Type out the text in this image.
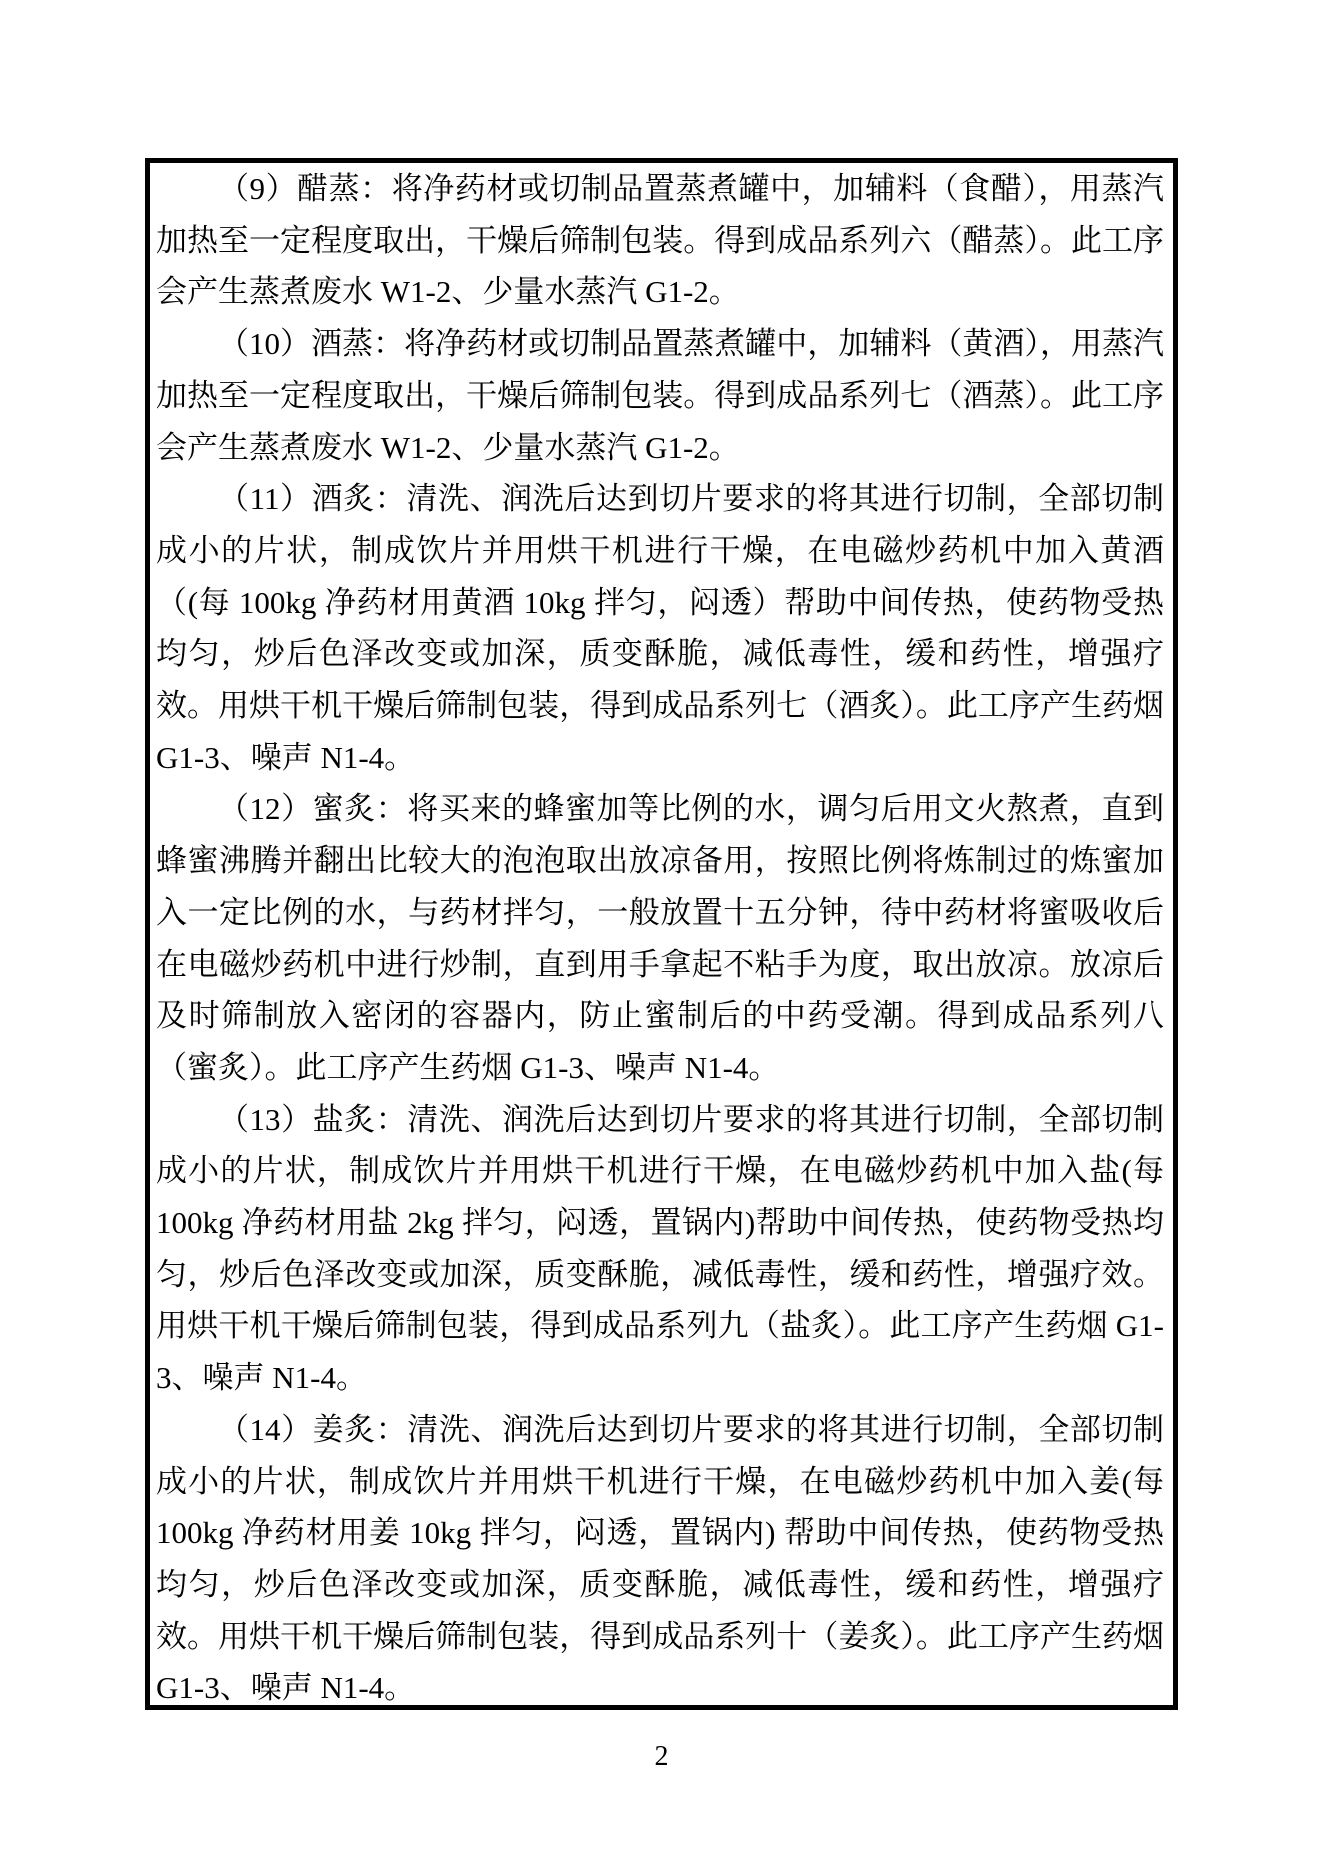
（9）醋蒸：将净药材或切制品置蒸煮罐中，加辅料（食醋），用蒸汽加热至一定程度取出，干燥后筛制包装。得到成品系列六（醋蒸）。此工序会产生蒸煮废水 W1-2、少量水蒸汽 G1-2。

（10）酒蒸：将净药材或切制品置蒸煮罐中，加辅料（黄酒），用蒸汽加热至一定程度取出，干燥后筛制包装。得到成品系列七（酒蒸）。此工序会产生蒸煮废水 W1-2、少量水蒸汽 G1-2。

（11）酒炙：清洗、润洗后达到切片要求的将其进行切制，全部切制成小的片状，制成饮片并用烘干机进行干燥，在电磁炒药机中加入黄酒（(每 100kg 净药材用黄酒 10kg 拌匀，闷透）帮助中间传热，使药物受热均匀，炒后色泽改变或加深，质变酥脆，减低毒性，缓和药性，增强疗效。用烘干机干燥后筛制包装，得到成品系列七（酒炙）。此工序产生药烟 G1-3、噪声 N1-4。

（12）蜜炙：将买来的蜂蜜加等比例的水，调匀后用文火熬煮，直到蜂蜜沸腾并翻出比较大的泡泡取出放凉备用，按照比例将炼制过的炼蜜加入一定比例的水，与药材拌匀，一般放置十五分钟，待中药材将蜜吸收后在电磁炒药机中进行炒制，直到用手拿起不粘手为度，取出放凉。放凉后及时筛制放入密闭的容器内，防止蜜制后的中药受潮。得到成品系列八（蜜炙）。此工序产生药烟 G1-3、噪声 N1-4。

（13）盐炙：清洗、润洗后达到切片要求的将其进行切制，全部切制成小的片状，制成饮片并用烘干机进行干燥，在电磁炒药机中加入盐(每 100kg 净药材用盐 2kg 拌匀，闷透，置锅内)帮助中间传热，使药物受热均匀，炒后色泽改变或加深，质变酥脆，减低毒性，缓和药性，增强疗效。用烘干机干燥后筛制包装，得到成品系列九（盐炙）。此工序产生药烟 G1-3、噪声 N1-4。

（14）姜炙：清洗、润洗后达到切片要求的将其进行切制，全部切制成小的片状，制成饮片并用烘干机进行干燥，在电磁炒药机中加入姜(每 100kg 净药材用姜 10kg 拌匀，闷透，置锅内) 帮助中间传热，使药物受热均匀，炒后色泽改变或加深，质变酥脆，减低毒性，缓和药性，增强疗效。用烘干机干燥后筛制包装，得到成品系列十（姜炙）。此工序产生药烟 G1-3、噪声 N1-4。

2
